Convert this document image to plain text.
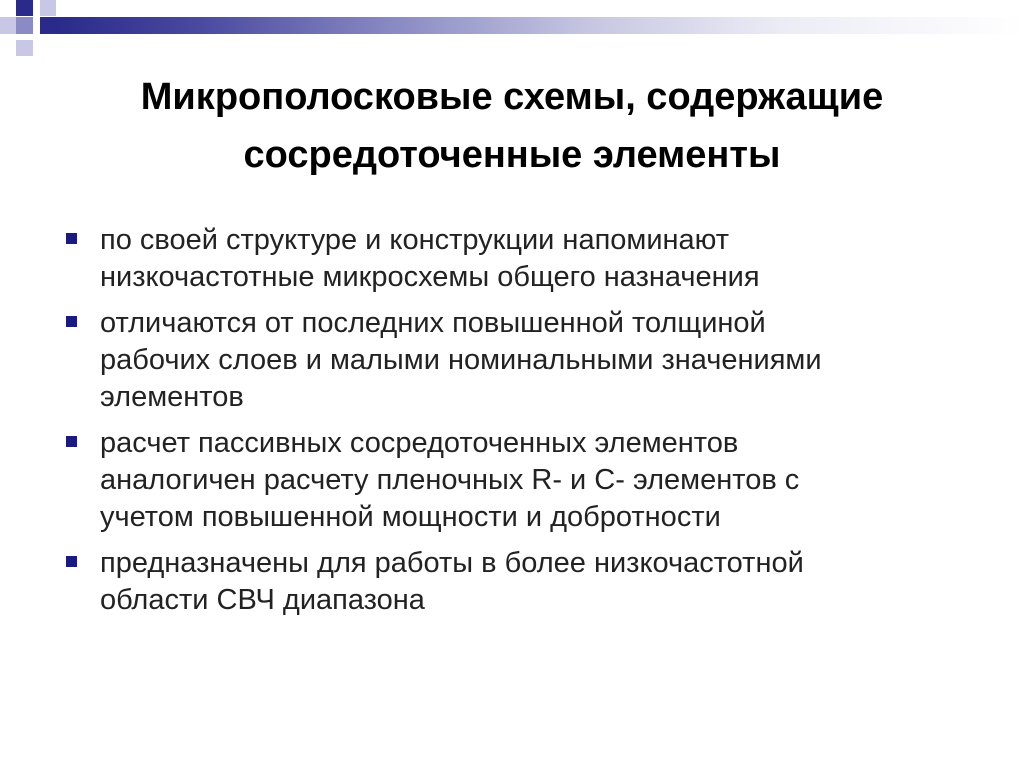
Микрополосковые схемы, содержащие
сосредоточенные элементы
по своей структуре и конструкции напоминают
низкочастотные микросхемы общего назначения
отличаются от последних повышенной толщиной
рабочих слоев и малыми номинальными значениями
элементов
расчет пассивных сосредоточенных элементов
аналогичен расчету пленочных R- и C- элементов с
учетом повышенной мощности и добротности
предназначены для работы в более низкочастотной
области СВЧ диапазона
